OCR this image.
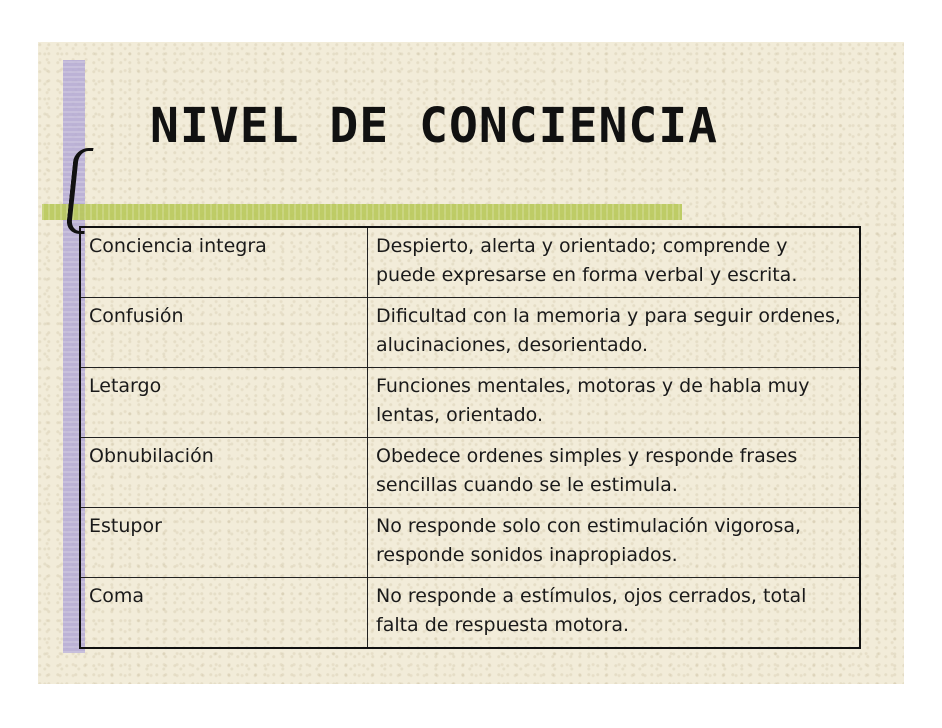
NIVEL DE CONCIENCIA
Conciencia integra	Despierto, alerta y orientado; comprende y puede expresarse en forma verbal y escrita.
Confusión	Dificultad con la memoria y para seguir ordenes, alucinaciones, desorientado.
Letargo	Funciones mentales, motoras y de habla muy lentas, orientado.
Obnubilación	Obedece ordenes simples y responde frases sencillas cuando se le estimula.
Estupor	No responde solo con estimulación vigorosa, responde sonidos inapropiados.
Coma	No responde a estímulos, ojos cerrados, total falta de respuesta motora.
